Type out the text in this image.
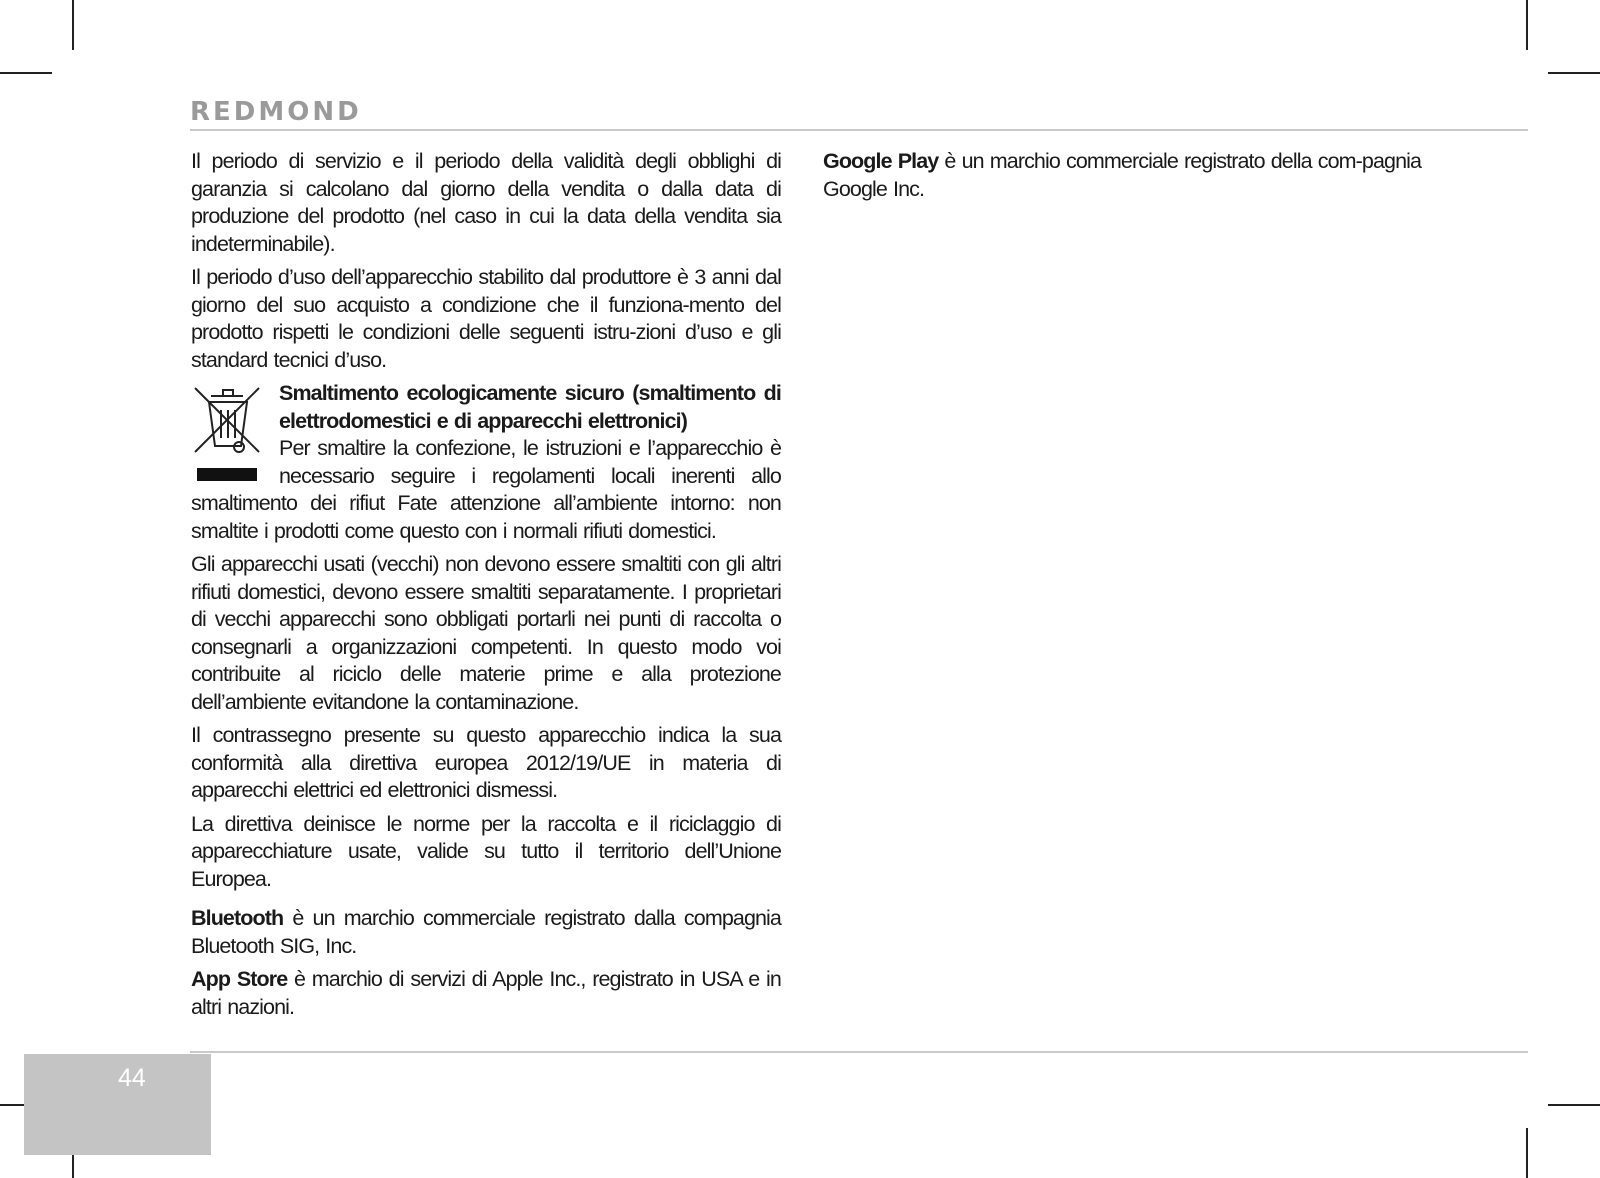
REDMOND

Il periodo di servizio e il periodo della validità degli obblighi di garanzia si calcolano dal giorno della vendita o dalla data di produzione del prodotto (nel caso in cui la data della vendita sia indeterminabile).

Il periodo d’uso dell’apparecchio stabilito dal produttore è 3 anni dal giorno del suo acquisto a condizione che il funziona-mento del prodotto rispetti le condizioni delle seguenti istru-zioni d’uso e gli standard tecnici d’uso.

Smaltimento ecologicamente sicuro (smaltimento di elettrodomestici e di apparecchi elettronici)
Per smaltire la confezione, le istruzioni e l’apparecchio è necessario seguire i regolamenti locali inerenti allo smaltimento dei rifiut Fate attenzione all’ambiente intorno: non smaltite i prodotti come questo con i normali rifiuti domestici.

Gli apparecchi usati (vecchi) non devono essere smaltiti con gli altri rifiuti domestici, devono essere smaltiti separatamente. I proprietari di vecchi apparecchi sono obbligati portarli nei punti di raccolta o consegnarli a organizzazioni competenti. In questo modo voi contribuite al riciclo delle materie prime e alla protezione dell’ambiente evitandone la contaminazione.

Il contrassegno presente su questo apparecchio indica la sua conformità alla direttiva europea 2012/19/UE in materia di apparecchi elettrici ed elettronici dismessi.

La direttiva deinisce le norme per la raccolta e il riciclaggio di apparecchiature usate, valide su tutto il territorio dell’Unione Europea.

Bluetooth è un marchio commerciale registrato dalla compagnia Bluetooth SIG, Inc.

App Store è marchio di servizi di Apple Inc., registrato in USA e in altri nazioni.

Google Play è un marchio commerciale registrato della com-pagnia Google Inc.

44
